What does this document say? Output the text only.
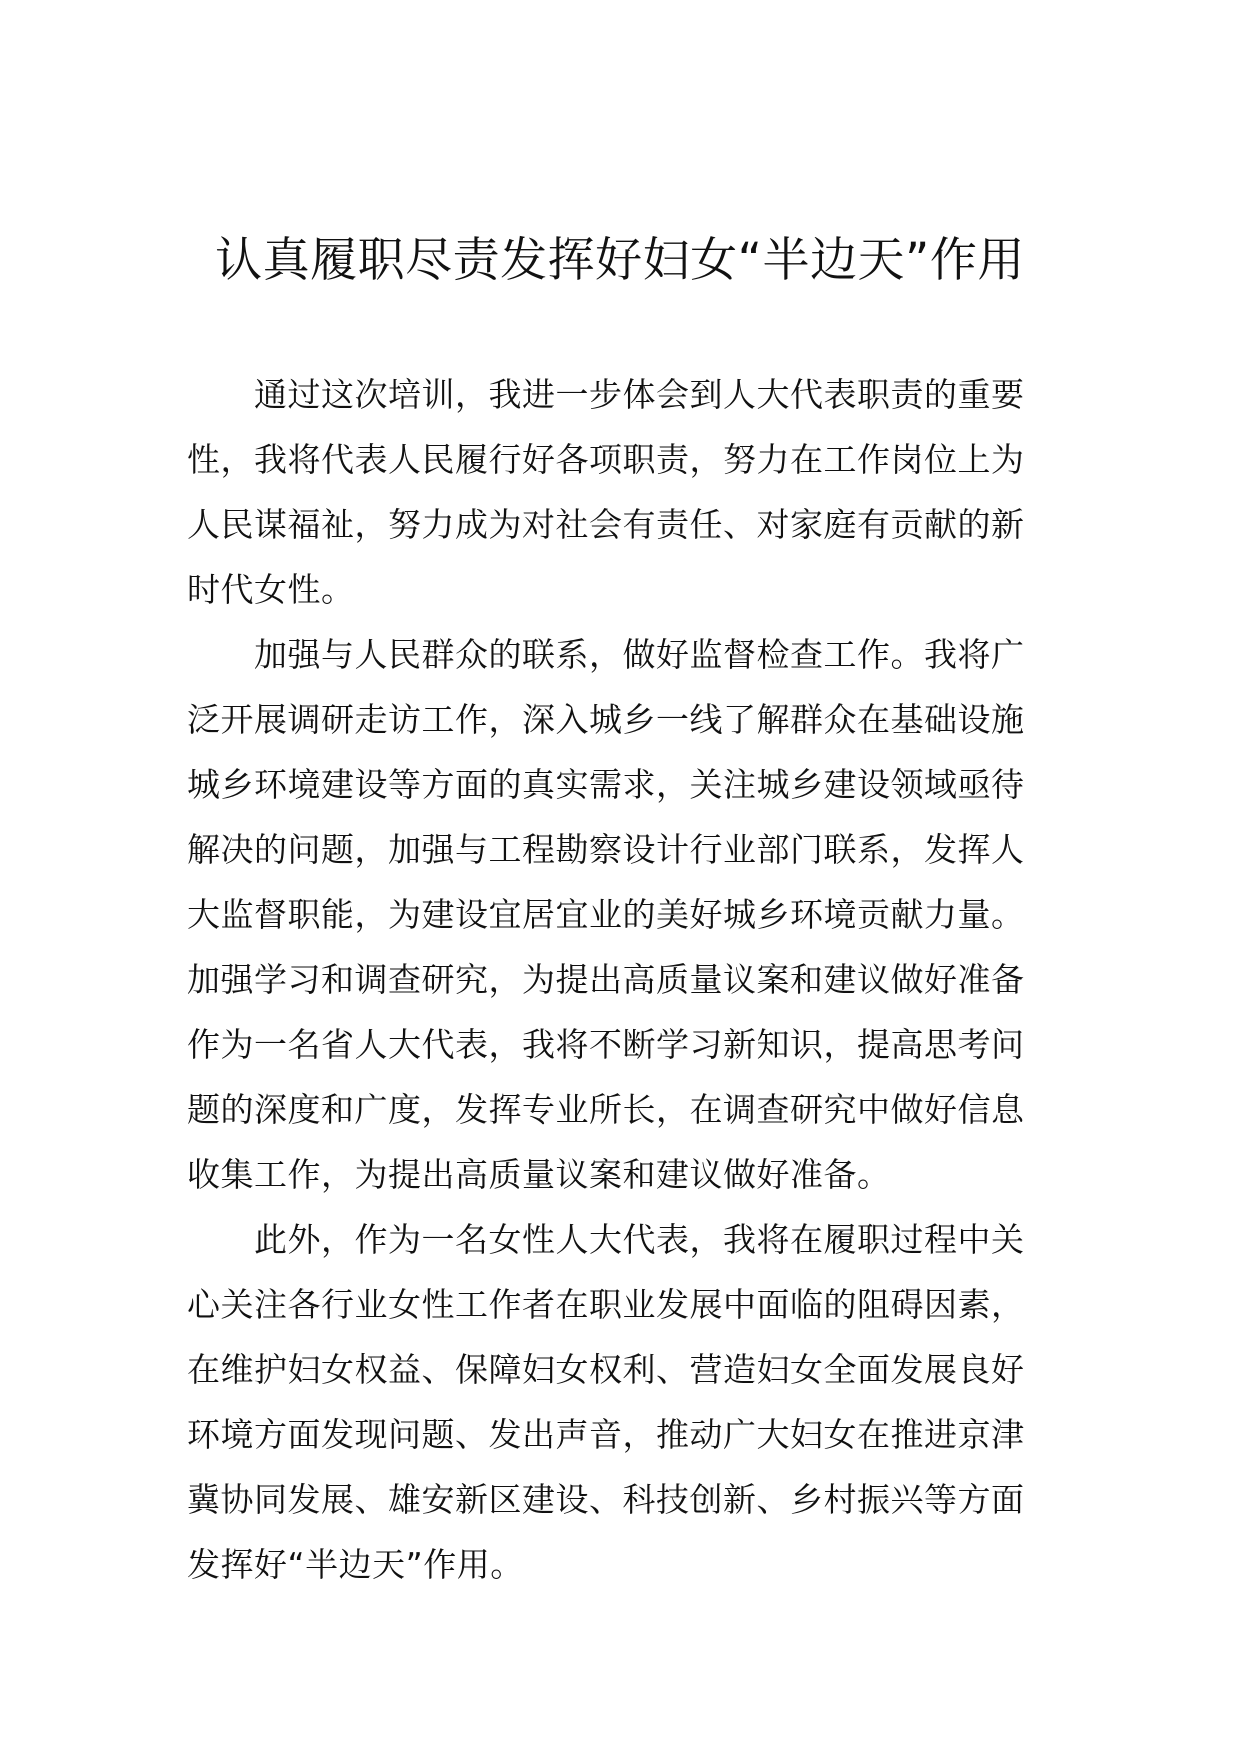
认真履职尽责发挥好妇女“半边天”作用
通过这次培训，我进一步体会到人大代表职责的重要
性，我将代表人民履行好各项职责，努力在工作岗位上为
人民谋福祉，努力成为对社会有责任、对家庭有贡献的新
时代女性。
加强与人民群众的联系，做好监督检查工作。我将广
泛开展调研走访工作，深入城乡一线了解群众在基础设施
城乡环境建设等方面的真实需求，关注城乡建设领域亟待
解决的问题，加强与工程勘察设计行业部门联系，发挥人
大监督职能，为建设宜居宜业的美好城乡环境贡献力量。
加强学习和调查研究，为提出高质量议案和建议做好准备
作为一名省人大代表，我将不断学习新知识，提高思考问
题的深度和广度，发挥专业所长，在调查研究中做好信息
收集工作，为提出高质量议案和建议做好准备。
此外，作为一名女性人大代表，我将在履职过程中关
心关注各行业女性工作者在职业发展中面临的阻碍因素，
在维护妇女权益、保障妇女权利、营造妇女全面发展良好
环境方面发现问题、发出声音，推动广大妇女在推进京津
冀协同发展、雄安新区建设、科技创新、乡村振兴等方面
发挥好“半边天”作用。
